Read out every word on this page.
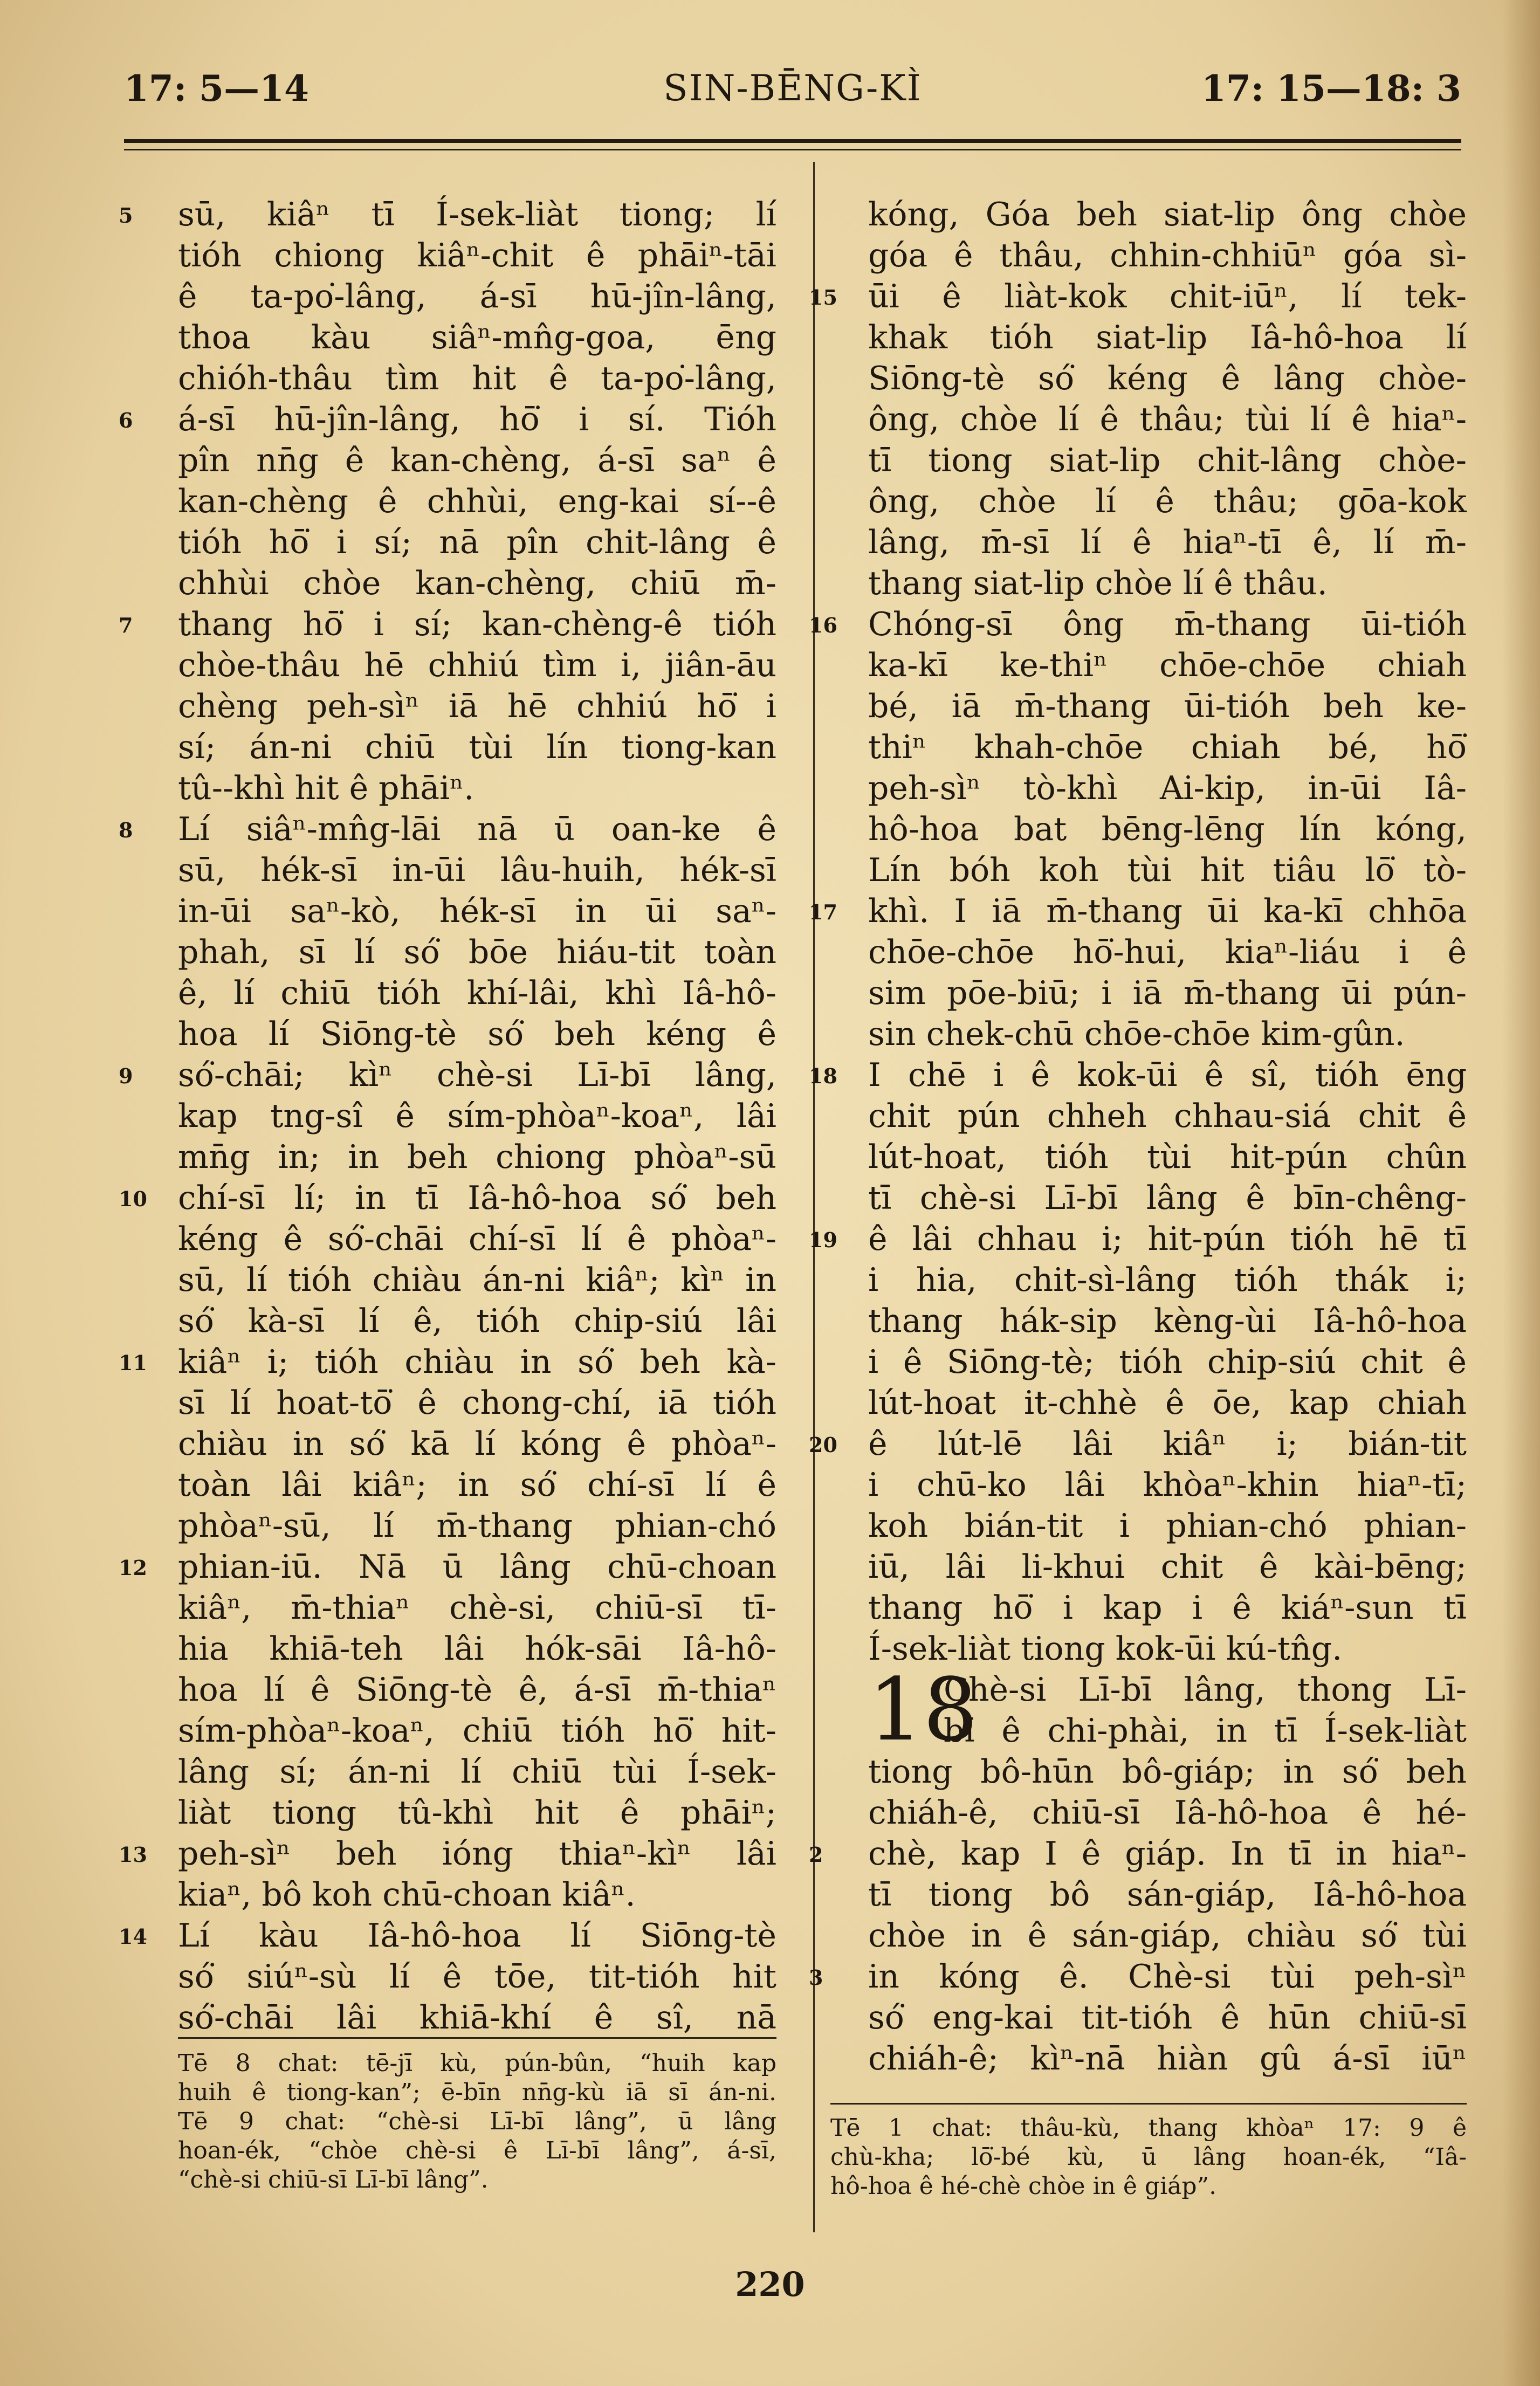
SIN-BĒNG-KÌ
17: 5—14	17: 15—18: 3
5 sū, kiâⁿ tī Í-sek-liàt tiong; lí
tióh chiong kiâⁿ-chit ê phāiⁿ-tāi
ê ta-po͘-lâng, á-sī hū-jîn-lâng,
thoa kàu siâⁿ-mn̂g-goa, ēng
chióh-thâu tìm hit ê ta-po͘-lâng,
6 á-sī hū-jîn-lâng, hō͘ i sí. Tióh
pîn nn̄g ê kan-chèng, á-sī saⁿ ê
kan-chèng ê chhùi, eng-kai sí--ê
tióh hō͘ i sí; nā pîn chit-lâng ê
chhùi chòe kan-chèng, chiū m̄-
7 thang hō͘ i sí; kan-chèng-ê tióh
chòe-thâu hē chhiú tìm i, jiân-āu
chèng peh-sìⁿ iā hē chhiú hō͘ i
sí; án-ni chiū tùi lín tiong-kan
tû--khì hit ê phāiⁿ.
8 Lí siâⁿ-mn̂g-lāi nā ū oan-ke ê
sū, hék-sī in-ūi lâu-huih, hék-sī
in-ūi saⁿ-kò, hék-sī in ūi saⁿ-
phah, sī lí só͘ bōe hiáu-tit toàn
ê, lí chiū tióh khí-lâi, khì Iâ-hô-
hoa lí Siōng-tè só͘ beh kéng ê
9 só͘-chāi; kìⁿ chè-si Lī-bī lâng,
kap tng-sî ê sím-phòaⁿ-koaⁿ, lâi
mn̄g in; in beh chiong phòaⁿ-sū
10 chí-sī lí; in tī Iâ-hô-hoa só͘ beh
kéng ê só͘-chāi chí-sī lí ê phòaⁿ-
sū, lí tióh chiàu án-ni kiâⁿ; kìⁿ in
só͘ kà-sī lí ê, tióh chip-siú lâi
11 kiâⁿ i; tióh chiàu in só͘ beh kà-
sī lí hoat-tō͘ ê chong-chí, iā tióh
chiàu in só͘ kā lí kóng ê phòaⁿ-
toàn lâi kiâⁿ; in só͘ chí-sī lí ê
phòaⁿ-sū, lí m̄-thang phian-chó
12 phian-iū. Nā ū lâng chū-choan
kiâⁿ, m̄-thiaⁿ chè-si, chiū-sī tī-
hia khiā-teh lâi hók-sāi Iâ-hô-
hoa lí ê Siōng-tè ê, á-sī m̄-thiaⁿ
sím-phòaⁿ-koaⁿ, chiū tióh hō͘ hit-
lâng sí; án-ni lí chiū tùi Í-sek-
liàt tiong tû-khì hit ê phāiⁿ;
13 peh-sìⁿ beh ióng thiaⁿ-kìⁿ lâi
kiaⁿ, bô koh chū-choan kiâⁿ.
14 Lí kàu Iâ-hô-hoa lí Siōng-tè
só͘ siúⁿ-sù lí ê tōe, tit-tióh hit
só͘-chāi lâi khiā-khí ê sî, nā
kóng, Góa beh siat-lip ông chòe
góa ê thâu, chhin-chhiūⁿ góa sì-
15 ūi ê liàt-kok chit-iūⁿ, lí tek-
khak tióh siat-lip Iâ-hô-hoa lí
Siōng-tè só͘ kéng ê lâng chòe-
ông, chòe lí ê thâu; tùi lí ê hiaⁿ-
tī tiong siat-lip chit-lâng chòe-
ông, chòe lí ê thâu; gōa-kok
lâng, m̄-sī lí ê hiaⁿ-tī ê, lí m̄-
thang siat-lip chòe lí ê thâu.
16 Chóng-sī ông m̄-thang ūi-tióh
ka-kī ke-thiⁿ chōe-chōe chiah
bé, iā m̄-thang ūi-tióh beh ke-
thiⁿ khah-chōe chiah bé, hō͘
peh-sìⁿ tò-khì Ai-kip, in-ūi Iâ-
hô-hoa bat bēng-lēng lín kóng,
Lín bóh koh tùi hit tiâu lō͘ tò-
17 khì. I iā m̄-thang ūi ka-kī chhōa
chōe-chōe hō͘-hui, kiaⁿ-liáu i ê
sim pōe-biū; i iā m̄-thang ūi pún-
sin chek-chū chōe-chōe kim-gûn.
18 I chē i ê kok-ūi ê sî, tióh ēng
chit pún chheh chhau-siá chit ê
lút-hoat, tióh tùi hit-pún chûn
tī chè-si Lī-bī lâng ê bīn-chêng-
19 ê lâi chhau i; hit-pún tióh hē tī
i hia, chit-sì-lâng tióh thák i;
thang hák-sip kèng-ùi Iâ-hô-hoa
i ê Siōng-tè; tióh chip-siú chit ê
lút-hoat it-chhè ê ōe, kap chiah
20 ê lút-lē lâi kiâⁿ i; bián-tit
i chū-ko lâi khòaⁿ-khin hiaⁿ-tī;
koh bián-tit i phian-chó phian-
iū, lâi li-khui chit ê kài-bēng;
thang hō͘ i kap i ê kiáⁿ-sun tī
Í-sek-liàt tiong kok-ūi kú-tn̂g.
18
Chè-si Lī-bī lâng, thong Lī-
bī ê chi-phài, in tī Í-sek-liàt
tiong bô-hūn bô-giáp; in só͘ beh
chiáh-ê, chiū-sī Iâ-hô-hoa ê hé-
2 chè, kap I ê giáp. In tī in hiaⁿ-
tī tiong bô sán-giáp, Iâ-hô-hoa
chòe in ê sán-giáp, chiàu só͘ tùi
3 in kóng ê. Chè-si tùi peh-sìⁿ
só͘ eng-kai tit-tióh ê hūn chiū-sī
chiáh-ê; kìⁿ-nā hiàn gû á-sī iūⁿ
Tē 8 chat: tē-jī kù, pún-bûn, “huih kap
huih ê tiong-kan”; ē-bīn nn̄g-kù iā sī án-ni.
Tē 9 chat: “chè-si Lī-bī lâng”, ū lâng
hoan-ék, “chòe chè-si ê Lī-bī lâng”, á-sī,
“chè-si chiū-sī Lī-bī lâng”.
Tē 1 chat: thâu-kù, thang khòaⁿ 17: 9 ê
chù-kha; lō͘-bé kù, ū lâng hoan-ék, “Iâ-
hô-hoa ê hé-chè chòe in ê giáp”.
220
